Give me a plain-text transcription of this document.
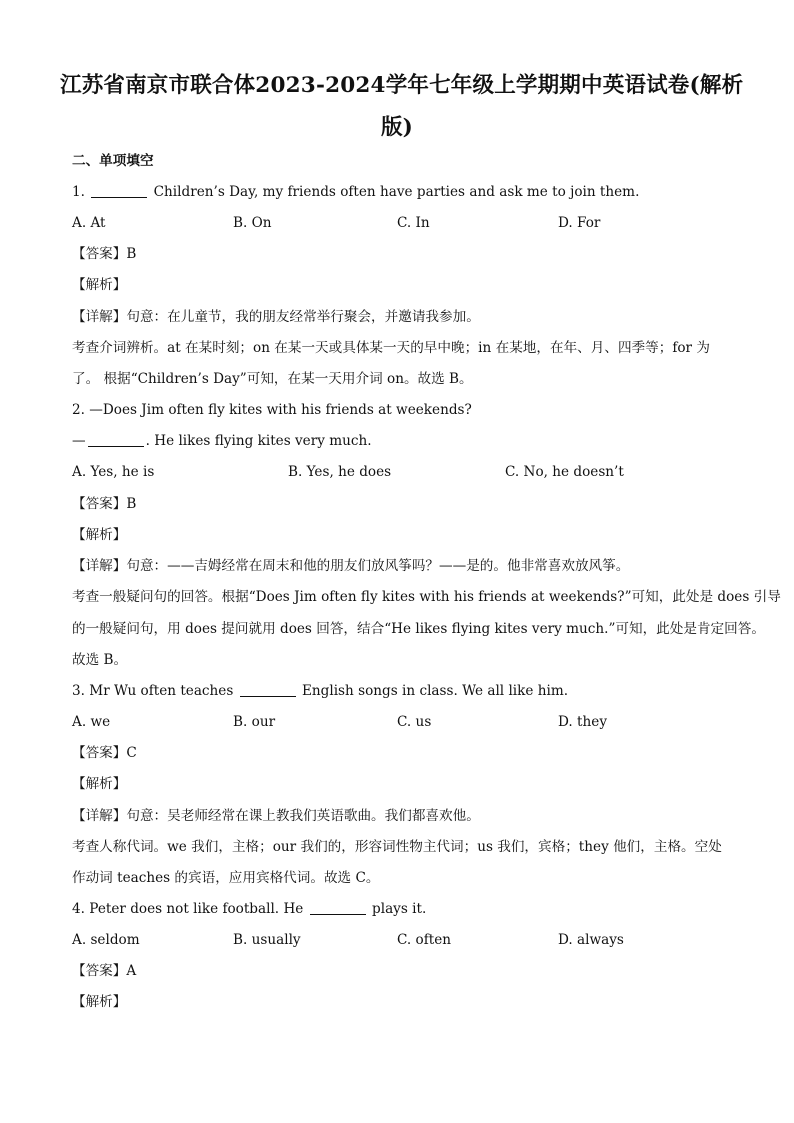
江苏省南京市联合体2023-2024学年七年级上学期期中英语试卷(解析
版)
二、单项填空
1.	Children’s Day, my friends often have parties and ask me to join them.
A. At	B. On	C. In	D. For
【答案】B
【解析】
【详解】句意：在儿童节，我的朋友经常举行聚会，并邀请我参加。
考查介词辨析。at 在某时刻；on 在某一天或具体某一天的早中晚；in 在某地，在年、月、四季等；for 为
了。 根据“Children’s Day”可知，在某一天用介词 on。故选 B。
2. —Does Jim often fly kites with his friends at weekends?
—	. He likes flying kites very much.
A. Yes, he is	B. Yes, he does	C. No, he doesn’t
【答案】B
【解析】
【详解】句意：——吉姆经常在周末和他的朋友们放风筝吗？——是的。他非常喜欢放风筝。
考查一般疑问句的回答。根据“Does Jim often fly kites with his friends at weekends?”可知，此处是 does 引导
的一般疑问句，用 does 提问就用 does 回答，结合“He likes flying kites very much.”可知，此处是肯定回答。
故选 B。
3. Mr Wu often teaches	English songs in class. We all like him.
A. we	B. our	C. us	D. they
【答案】C
【解析】
【详解】句意：吴老师经常在课上教我们英语歌曲。我们都喜欢他。
考查人称代词。we 我们，主格；our 我们的，形容词性物主代词；us 我们，宾格；they 他们，主格。空处
作动词 teaches 的宾语，应用宾格代词。故选 C。
4. Peter does not like football. He	plays it.
A. seldom	B. usually	C. often	D. always
【答案】A
【解析】
